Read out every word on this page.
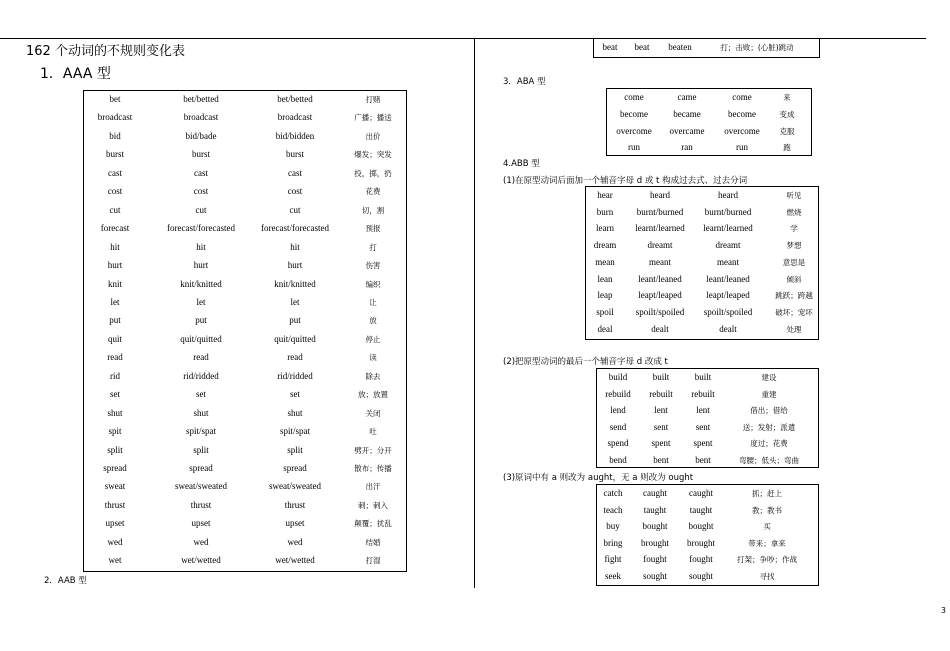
162 个动词的不规则变化表
1．AAA 型
bet	bet/betted	bet/betted	打赌
broadcast	broadcast	broadcast	广播；播送
bid	bid/bade	bid/bidden	出价
burst	burst	burst	爆发；突发
cast	cast	cast	投，掷，扔
cost	cost	cost	花费
cut	cut	cut	切，割
forecast	forecast/forecasted	forecast/forecasted	预报
hit	hit	hit	打
hurt	hurt	hurt	伤害
knit	knit/knitted	knit/knitted	编织
let	let	let	让
put	put	put	放
quit	quit/quitted	quit/quitted	停止
read	read	read	读
rid	rid/ridded	rid/ridded	除去
set	set	set	放；放置
shut	shut	shut	关闭
spit	spit/spat	spit/spat	吐
split	split	split	劈开；分开
spread	spread	spread	散布；传播
sweat	sweat/sweated	sweat/sweated	出汗
thrust	thrust	thrust	刺；刺入
upset	upset	upset	颠覆；扰乱
wed	wed	wed	结婚
wet	wet/wetted	wet/wetted	打湿
2．AAB 型
beat beat beaten	打；击败；(心脏)跳动
3．ABA 型
come	came	come	来
become	became	become	变成
overcome overcame overcome	克服
run	ran	run	跑
4.ABB 型
(1)在原型动词后面加一个辅音字母 d 或 t 构成过去式、过去分词
hear	heard	heard	听见
burn	burnt/burned burnt/burned	燃烧
learn learnt/learned learnt/learned	学
dream	dreamt	dreamt	梦想
mean	meant	meant	意思是
lean	leant/leaned	leant/leaned	倾斜
leap	leapt/leaped	leapt/leaped	跳跃；跨越
spoil spoilt/spoiled spoilt/spoiled	破坏；宠坏
deal	dealt	dealt	处理
(2)把原型动词的最后一个辅音字母 d 改成 t
build	built	built	建设
rebuild rebuilt rebuilt	重建
lend	lent	lent	借出；借给
send	sent	sent	送；发射；派遣
spend	spent	spent	度过；花费
bend	bent	bent	弯腰；低头；弯曲
(3)原词中有 a 则改为 aught，无 a 则改为 ought
catch caught caught	抓；赶上
teach taught	taught	教；教书
buy	bought bought	买
bring brought brought	带来；拿来
fight fought	fought	打架；争吵；作战
seek sought sought	寻找
3
